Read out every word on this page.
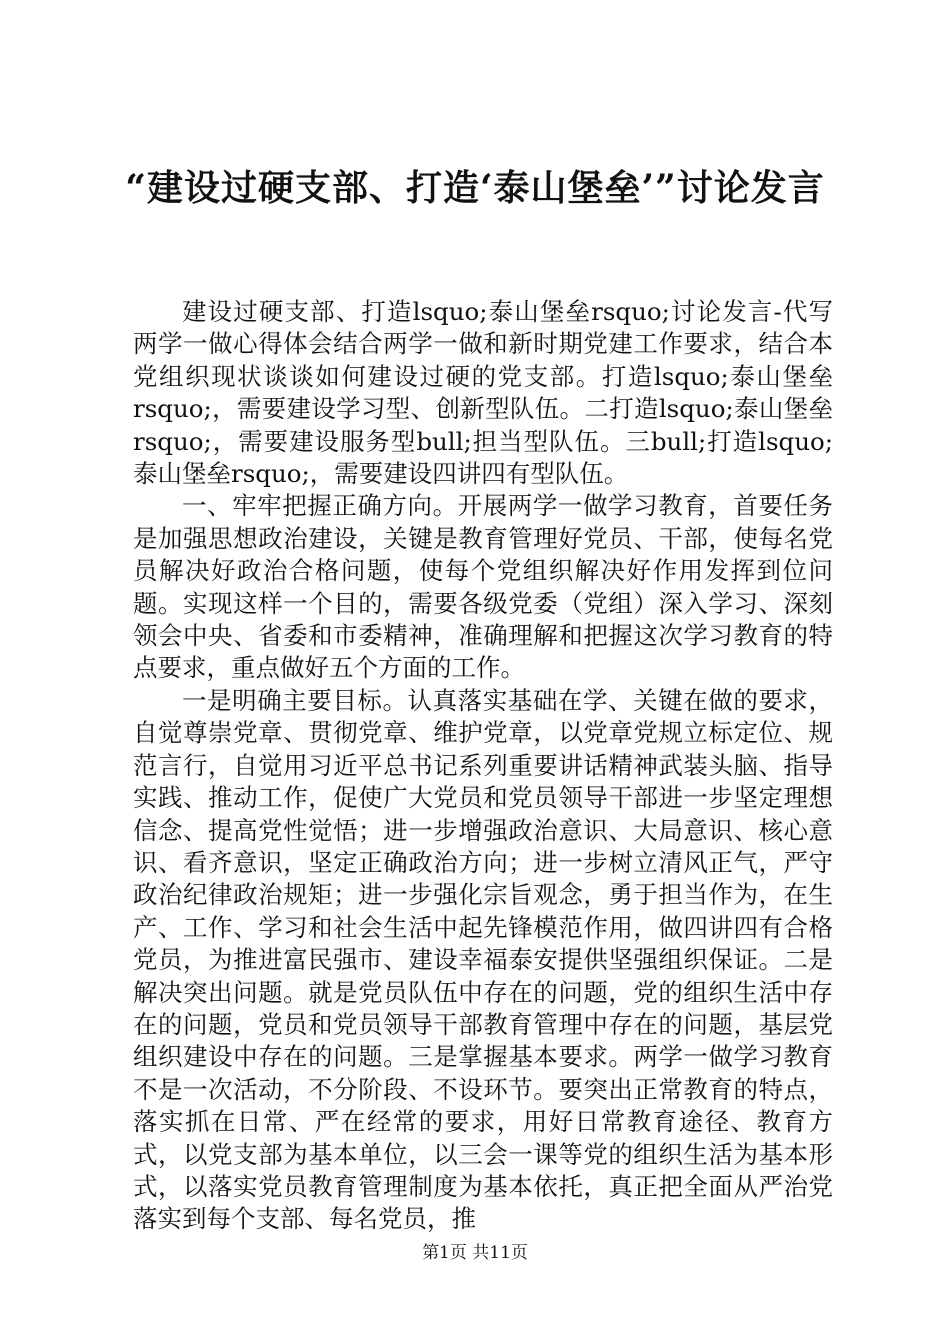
“建设过硬支部、打造‘泰山堡垒’”讨论发言

建设过硬支部、打造lsquo;泰山堡垒rsquo;讨论发言-代写两学一做心得体会结合两学一做和新时期党建工作要求，结合本党组织现状谈谈如何建设过硬的党支部。打造lsquo;泰山堡垒rsquo;，需要建设学习型、创新型队伍。二打造lsquo;泰山堡垒rsquo;，需要建设服务型bull;担当型队伍。三bull;打造lsquo;泰山堡垒rsquo;，需要建设四讲四有型队伍。

一、牢牢把握正确方向。开展两学一做学习教育，首要任务是加强思想政治建设，关键是教育管理好党员、干部，使每名党员解决好政治合格问题，使每个党组织解决好作用发挥到位问题。实现这样一个目的，需要各级党委（党组）深入学习、深刻领会中央、省委和市委精神，准确理解和把握这次学习教育的特点要求，重点做好五个方面的工作。

一是明确主要目标。认真落实基础在学、关键在做的要求，自觉尊崇党章、贯彻党章、维护党章，以党章党规立标定位、规范言行，自觉用习近平总书记系列重要讲话精神武装头脑、指导实践、推动工作，促使广大党员和党员领导干部进一步坚定理想信念、提高党性觉悟；进一步增强政治意识、大局意识、核心意识、看齐意识，坚定正确政治方向；进一步树立清风正气，严守政治纪律政治规矩；进一步强化宗旨观念，勇于担当作为，在生产、工作、学习和社会生活中起先锋模范作用，做四讲四有合格党员，为推进富民强市、建设幸福泰安提供坚强组织保证。二是解决突出问题。就是党员队伍中存在的问题，党的组织生活中存在的问题，党员和党员领导干部教育管理中存在的问题，基层党组织建设中存在的问题。三是掌握基本要求。两学一做学习教育不是一次活动，不分阶段、不设环节。要突出正常教育的特点，落实抓在日常、严在经常的要求，用好日常教育途径、教育方式，以党支部为基本单位，以三会一课等党的组织生活为基本形式，以落实党员教育管理制度为基本依托，真正把全面从严治党落实到每个支部、每名党员，推

第1页 共11页
